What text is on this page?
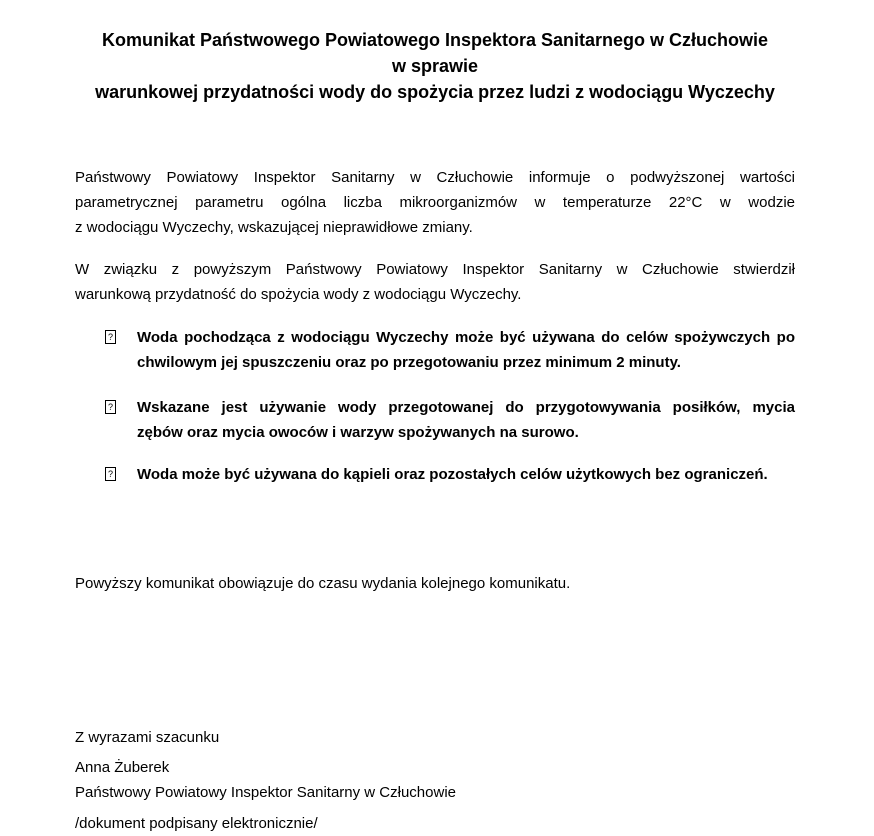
Komunikat Państwowego Powiatowego Inspektora Sanitarnego w Człuchowie
w sprawie
warunkowej przydatności wody do spożycia przez ludzi z wodociągu Wyczechy
Państwowy Powiatowy Inspektor Sanitarny w Człuchowie informuje o podwyższonej wartości
parametrycznej parametru ogólna liczba mikroorganizmów w temperaturze 22°C w wodzie
z wodociągu Wyczechy, wskazującej nieprawidłowe zmiany.
W związku z powyższym Państwowy Powiatowy Inspektor Sanitarny w Człuchowie stwierdził
warunkową przydatność do spożycia wody z wodociągu Wyczechy.
?	Woda pochodząca z wodociągu Wyczechy może być używana do celów spożywczych po
chwilowym jej spuszczeniu oraz po przegotowaniu przez minimum 2 minuty.
?	Wskazane jest używanie wody przegotowanej do przygotowywania posiłków, mycia
zębów oraz mycia owoców i warzyw spożywanych na surowo.
?	Woda może być używana do kąpieli oraz pozostałych celów użytkowych bez ograniczeń.
Powyższy komunikat obowiązuje do czasu wydania kolejnego komunikatu.
Z wyrazami szacunku
Anna Żuberek
Państwowy Powiatowy Inspektor Sanitarny w Człuchowie
/dokument podpisany elektronicznie/
